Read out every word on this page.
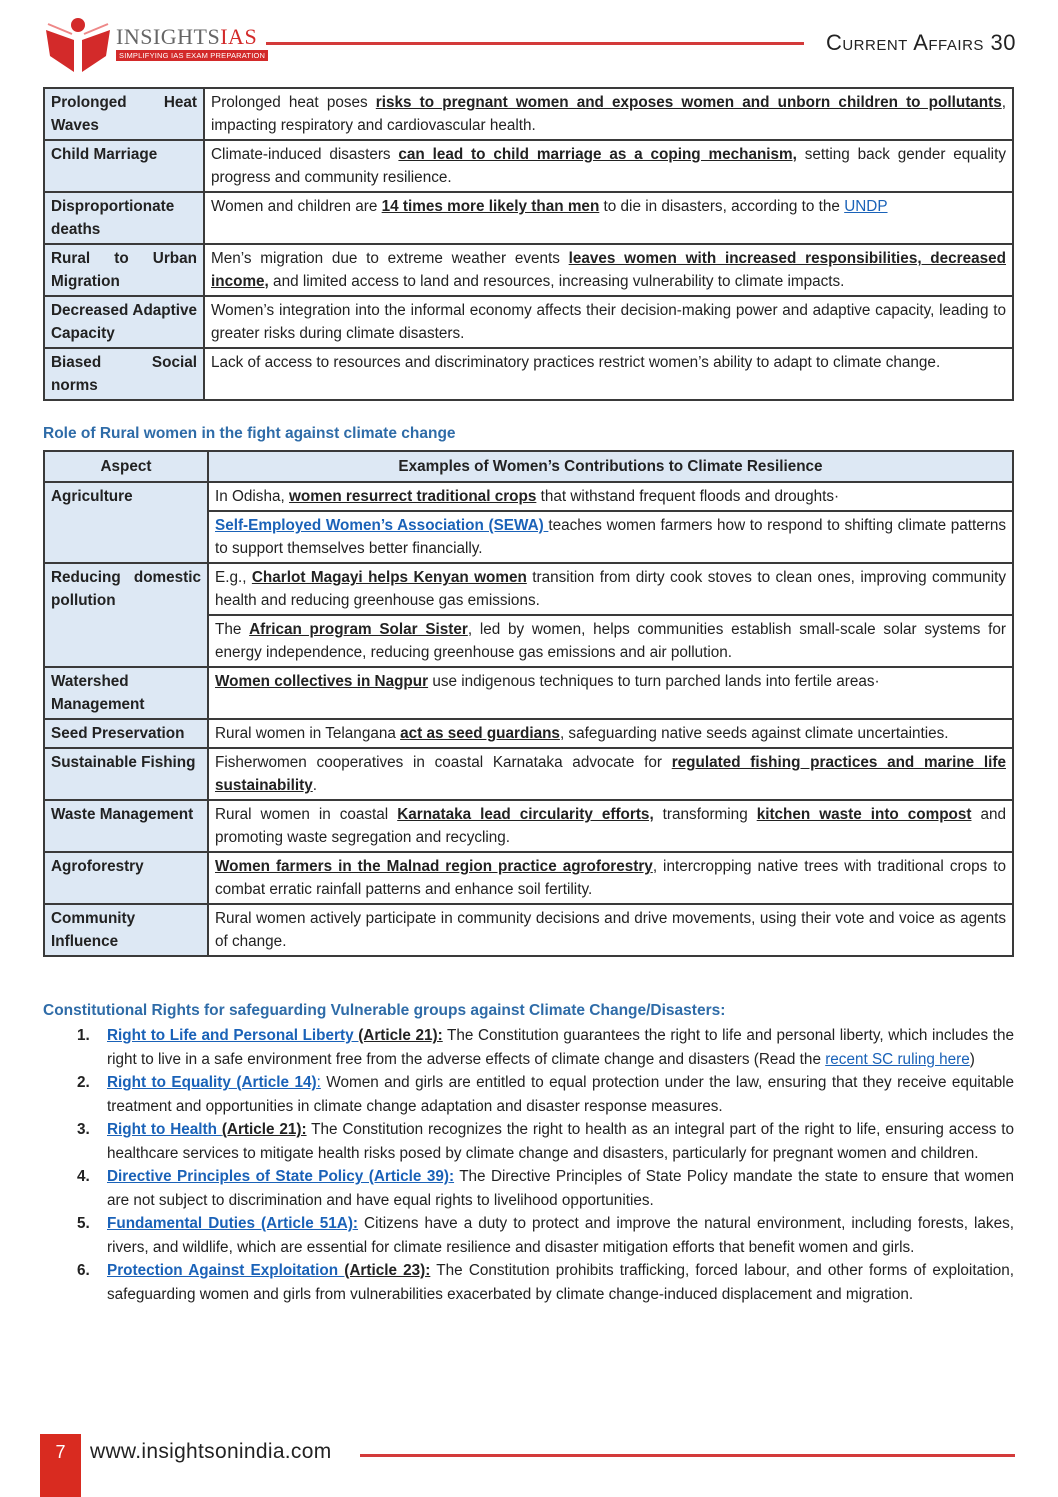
INSIGHTSIAS
SIMPLIFYING IAS EXAM PREPARATION
Current Affairs 30
Prolonged Heat Waves	Prolonged heat poses risks to pregnant women and exposes women and unborn children to pollutants, impacting respiratory and cardiovascular health.
Child Marriage	Climate-induced disasters can lead to child marriage as a coping mechanism, setting back gender equality progress and community resilience.
Disproportionate deaths	Women and children are 14 times more likely than men to die in disasters, according to the UNDP
Rural to Urban Migration	Men’s migration due to extreme weather events leaves women with increased responsibilities, decreased income, and limited access to land and resources, increasing vulnerability to climate impacts.
Decreased Adaptive Capacity	Women’s integration into the informal economy affects their decision-making power and adaptive capacity, leading to greater risks during climate disasters.
Biased Social norms	Lack of access to resources and discriminatory practices restrict women’s ability to adapt to climate change.
Role of Rural women in the fight against climate change
Aspect	Examples of Women’s Contributions to Climate Resilience
Agriculture	In Odisha, women resurrect traditional crops that withstand frequent floods and droughts·
	Self-Employed Women’s Association (SEWA) teaches women farmers how to respond to shifting climate patterns to support themselves better financially.
Reducing domestic pollution	E.g., Charlot Magayi helps Kenyan women transition from dirty cook stoves to clean ones, improving community health and reducing greenhouse gas emissions.
	The African program Solar Sister, led by women, helps communities establish small-scale solar systems for energy independence, reducing greenhouse gas emissions and air pollution.
Watershed Management	Women collectives in Nagpur use indigenous techniques to turn parched lands into fertile areas·
Seed Preservation	Rural women in Telangana act as seed guardians, safeguarding native seeds against climate uncertainties.
Sustainable Fishing	Fisherwomen cooperatives in coastal Karnataka advocate for regulated fishing practices and marine life sustainability.
Waste Management	Rural women in coastal Karnataka lead circularity efforts, transforming kitchen waste into compost and promoting waste segregation and recycling.
Agroforestry	Women farmers in the Malnad region practice agroforestry, intercropping native trees with traditional crops to combat erratic rainfall patterns and enhance soil fertility.
Community Influence	Rural women actively participate in community decisions and drive movements, using their vote and voice as agents of change.
Constitutional Rights for safeguarding Vulnerable groups against Climate Change/Disasters:
1. Right to Life and Personal Liberty (Article 21): The Constitution guarantees the right to life and personal liberty, which includes the right to live in a safe environment free from the adverse effects of climate change and disasters (Read the recent SC ruling here)
2. Right to Equality (Article 14): Women and girls are entitled to equal protection under the law, ensuring that they receive equitable treatment and opportunities in climate change adaptation and disaster response measures.
3. Right to Health (Article 21): The Constitution recognizes the right to health as an integral part of the right to life, ensuring access to healthcare services to mitigate health risks posed by climate change and disasters, particularly for pregnant women and children.
4. Directive Principles of State Policy (Article 39): The Directive Principles of State Policy mandate the state to ensure that women are not subject to discrimination and have equal rights to livelihood opportunities.
5. Fundamental Duties (Article 51A): Citizens have a duty to protect and improve the natural environment, including forests, lakes, rivers, and wildlife, which are essential for climate resilience and disaster mitigation efforts that benefit women and girls.
6. Protection Against Exploitation (Article 23): The Constitution prohibits trafficking, forced labour, and other forms of exploitation, safeguarding women and girls from vulnerabilities exacerbated by climate change-induced displacement and migration.
7	www.insightsonindia.com
